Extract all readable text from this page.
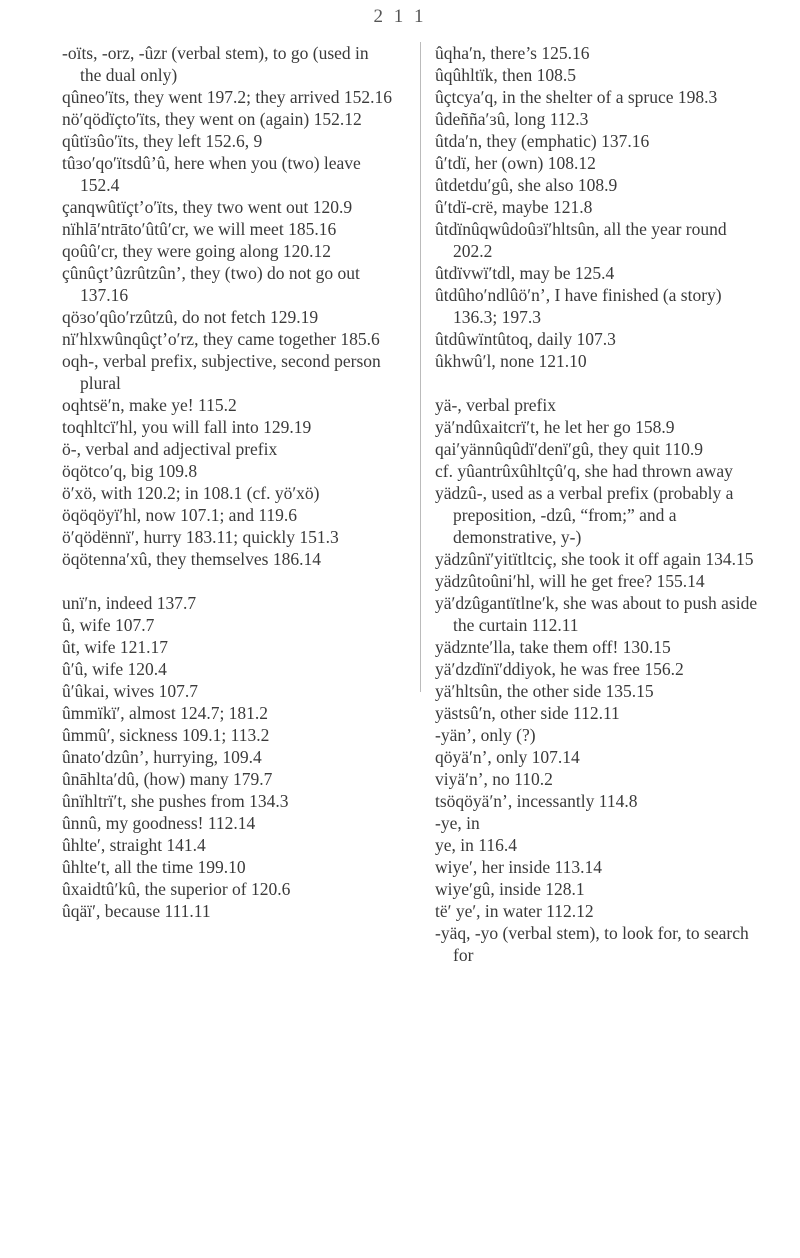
2 1 1

-oïts, -orz, -ûzr (verbal stem), to go (used in the dual only)

qûneoʹïts, they went 197.2; they arrived 152.16

nöʹqödïçtoʹïts, they went on (again) 152.12

qûtïɜûoʹïts, they left 152.6, 9

tûɜoʹqoʹïtsdûʼû, here when you (two) leave 152.4

çanqwûtïçtʼoʹïts, they two went out 120.9

nïhlāʹntrātoʹûtûʹcr, we will meet 185.16

qoûûʹcr, they were going along 120.12

çûnûçtʼûzrûtzûn’, they (two) do not go out 137.16

qöɜoʹqûoʹrzûtzû, do not fetch 129.19

nïʹhlxwûnqûçtʼoʹrz, they came together 185.6

oqh-, verbal prefix, subjective, second person plural

oqhtsëʹn, make ye! 115.2

toqhltcïʹhl, you will fall into 129.19

ö-, verbal and adjectival prefix

öqötcoʹq, big 109.8

öʹxö, with 120.2; in 108.1 (cf. yöʹxö)

öqöqöyïʹhl, now 107.1; and 119.6

öʹqödënnïʹ, hurry 183.11; quickly 151.3

öqötennaʹxû, they themselves 186.14

unïʹn, indeed 137.7

û, wife 107.7

ût, wife 121.17

ûʹû, wife 120.4

ûʹûkai, wives 107.7

ûmmïkïʹ, almost 124.7; 181.2

ûmmûʹ, sickness 109.1; 113.2

ûnatoʹdzûn’, hurrying, 109.4

ûnāhltaʹdû, (how) many 179.7

ûnïhltrïʹt, she pushes from 134.3

ûnnû, my goodness! 112.14

ûhlteʹ, straight 141.4

ûhlteʹt, all the time 199.10

ûxaidtûʹkû, the superior of 120.6

ûqäïʹ, because 111.11

ûqhaʹn, there’s 125.16

ûqûhltïk, then 108.5

ûçtcyaʹq, in the shelter of a spruce 198.3

ûdeññaʹɜû, long 112.3

ûtdaʹn, they (emphatic) 137.16

ûʹtdï, her (own) 108.12

ûtdetduʹgû, she also 108.9

ûʹtdï-crë, maybe 121.8

ûtdïnûqwûdoûɜïʹhltsûn, all the year round 202.2

ûtdïvwïʹtdl, may be 125.4

ûtdûhoʹndlûöʹn’, I have finished (a story) 136.3; 197.3

ûtdûwïntûtoq, daily 107.3

ûkhwûʹl, none 121.10

yä-, verbal prefix

yäʹndûxaitcrïʹt, he let her go 158.9

qaiʹyännûqûdïʹdenïʹgû, they quit 110.9

cf. yûantrûxûhltçûʹq, she had thrown away

yädzû-, used as a verbal prefix (probably a preposition, -dzû, “from;” and a demonstrative, y-)

yädzûnïʹyitïtltciç, she took it off again 134.15

yädzûtoûniʹhl, will he get free? 155.14

yäʹdzûgantïtlneʹk, she was about to push aside the curtain 112.11

yädznteʹlla, take them off! 130.15

yäʹdzdïnïʹddiyok, he was free 156.2

yäʹhltsûn, the other side 135.15

yästsûʹn, other side 112.11

-yän’, only (?)

qöyäʹn’, only 107.14

viyäʹn’, no 110.2

tsöqöyäʹn’, incessantly 114.8

-ye, in

ye, in 116.4

wiyeʹ, her inside 113.14

wiyeʹgû, inside 128.1

tëʹ yeʹ, in water 112.12

-yäq, -yo (verbal stem), to look for, to search for
